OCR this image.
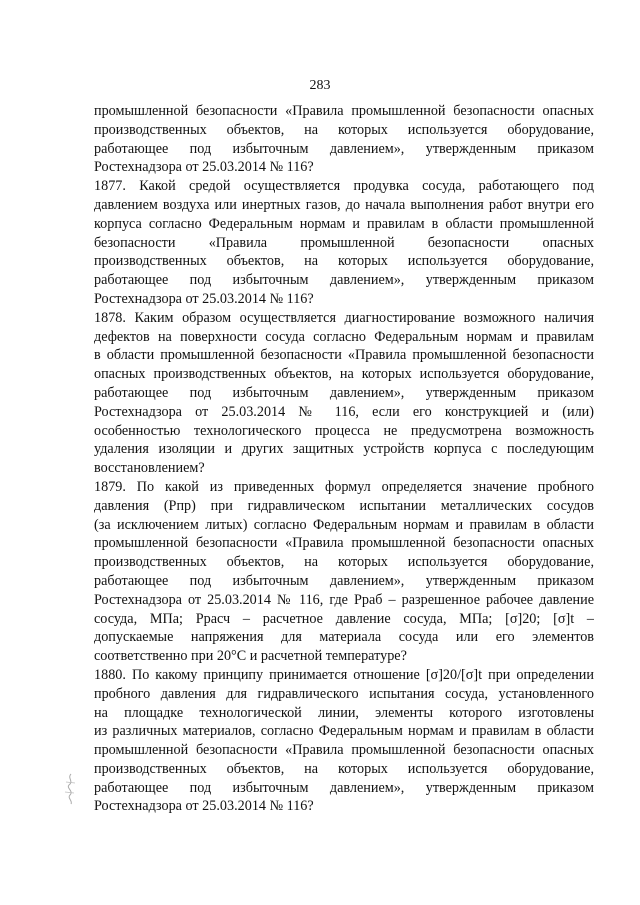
283
промышленной безопасности «Правила промышленной безопасности опасных
производственных объектов, на которых используется оборудование,
работающее под избыточным давлением», утвержденным приказом
Ростехнадзора от 25.03.2014 № 116?
1877. Какой средой осуществляется продувка сосуда, работающего под
давлением воздуха или инертных газов, до начала выполнения работ внутри его
корпуса согласно Федеральным нормам и правилам в области промышленной
безопасности «Правила промышленной безопасности опасных
производственных объектов, на которых используется оборудование,
работающее под избыточным давлением», утвержденным приказом
Ростехнадзора от 25.03.2014 № 116?
1878. Каким образом осуществляется диагностирование возможного наличия
дефектов на поверхности сосуда согласно Федеральным нормам и правилам
в области промышленной безопасности «Правила промышленной безопасности
опасных производственных объектов, на которых используется оборудование,
работающее под избыточным давлением», утвержденным приказом
Ростехнадзора от 25.03.2014 № 116, если его конструкцией и (или)
особенностью технологического процесса не предусмотрена возможность
удаления изоляции и других защитных устройств корпуса с последующим
восстановлением?
1879. По какой из приведенных формул определяется значение пробного
давления (Рпр) при гидравлическом испытании металлических сосудов
(за исключением литых) согласно Федеральным нормам и правилам в области
промышленной безопасности «Правила промышленной безопасности опасных
производственных объектов, на которых используется оборудование,
работающее под избыточным давлением», утвержденным приказом
Ростехнадзора от 25.03.2014 № 116, где Рраб – разрешенное рабочее давление
сосуда, МПа; Ррасч – расчетное давление сосуда, МПа; [σ]20; [σ]t –
допускаемые напряжения для материала сосуда или его элементов
соответственно при 20°С и расчетной температуре?
1880. По какому принципу принимается отношение [σ]20/[σ]t при определении
пробного давления для гидравлического испытания сосуда, установленного
на площадке технологической линии, элементы которого изготовлены
из различных материалов, согласно Федеральным нормам и правилам в области
промышленной безопасности «Правила промышленной безопасности опасных
производственных объектов, на которых используется оборудование,
работающее под избыточным давлением», утвержденным приказом
Ростехнадзора от 25.03.2014 № 116?
